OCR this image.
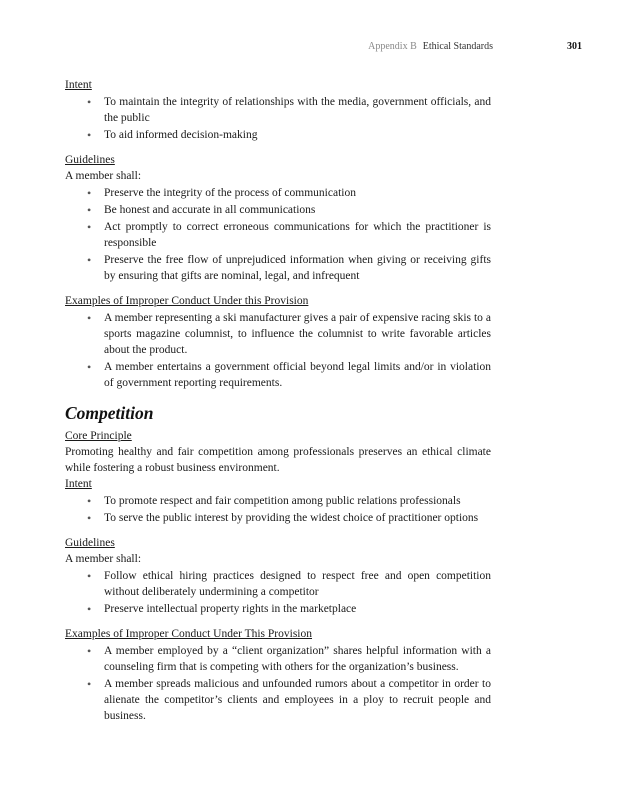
Appendix B Ethical Standards	301
Intent
• To maintain the integrity of relationships with the media, government officials, and the public
• To aid informed decision-making
Guidelines

A member shall:

• Preserve the integrity of the process of communication
• Be honest and accurate in all communications
• Act promptly to correct erroneous communications for which the practitioner is responsible
• Preserve the free flow of unprejudiced information when giving or receiving gifts by ensuring that gifts are nominal, legal, and infrequent
Examples of Improper Conduct Under this Provision
• A member representing a ski manufacturer gives a pair of expensive racing skis to a sports magazine columnist, to influence the columnist to write favorable articles about the product.
• A member entertains a government official beyond legal limits and/or in violation of government reporting requirements.
Competition
Core Principle

Promoting healthy and fair competition among professionals preserves an ethical climate while fostering a robust business environment.

Intent
• To promote respect and fair competition among public relations professionals
• To serve the public interest by providing the widest choice of practitioner options
Guidelines

A member shall:

• Follow ethical hiring practices designed to respect free and open competition without deliberately undermining a competitor
• Preserve intellectual property rights in the marketplace
Examples of Improper Conduct Under This Provision
• A member employed by a “client organization” shares helpful information with a counseling firm that is competing with others for the organization’s business.
• A member spreads malicious and unfounded rumors about a competitor in order to alienate the competitor’s clients and employees in a ploy to recruit people and business.
